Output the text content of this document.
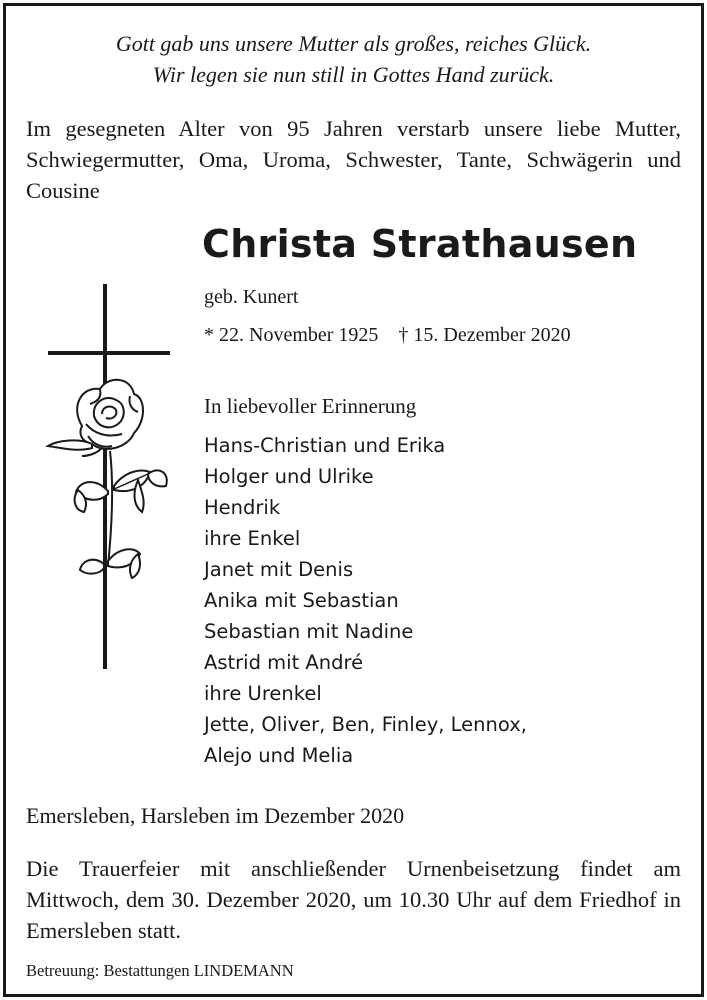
Gott gab uns unsere Mutter als großes, reiches Glück.
Wir legen sie nun still in Gottes Hand zurück.
Im gesegneten Alter von 95 Jahren verstarb unsere liebe Mutter, Schwiegermutter, Oma, Uroma, Schwester, Tante, Schwägerin und Cousine
Christa Strathausen
geb. Kunert
* 22. November 1925 † 15. Dezember 2020
In liebevoller Erinnerung
Hans-Christian und Erika
Holger und Ulrike
Hendrik
ihre Enkel
Janet mit Denis
Anika mit Sebastian
Sebastian mit Nadine
Astrid mit André
ihre Urenkel
Jette, Oliver, Ben, Finley, Lennox,
Alejo und Melia
Emersleben, Harsleben im Dezember 2020
Die Trauerfeier mit anschließender Urnenbeisetzung findet am Mittwoch, dem 30. Dezember 2020, um 10.30 Uhr auf dem Friedhof in Emersleben statt.
Betreuung: Bestattungen LINDEMANN
